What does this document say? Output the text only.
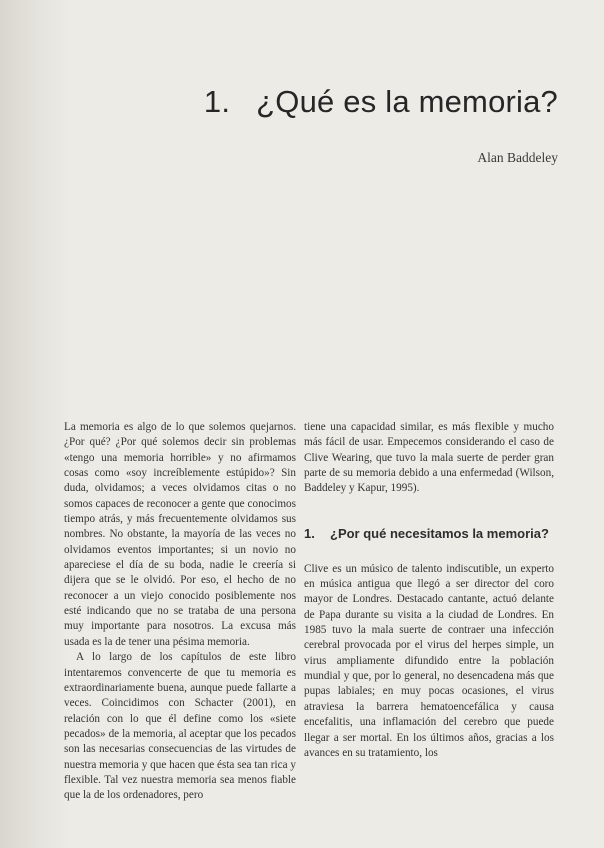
1. ¿Qué es la memoria?
Alan Baddeley

La memoria es algo de lo que solemos quejarnos. ¿Por qué? ¿Por qué solemos decir sin problemas «tengo una memoria horrible» y no afirmamos cosas como «soy increíblemente estúpido»? Sin duda, olvidamos; a veces olvidamos citas o no somos capaces de reconocer a gente que conocimos tiempo atrás, y más frecuentemente olvidamos sus nombres. No obstante, la mayoría de las veces no olvidamos eventos importantes; si un novio no apareciese el día de su boda, nadie le creería si dijera que se le olvidó. Por eso, el hecho de no reconocer a un viejo conocido posiblemente nos esté indicando que no se trataba de una persona muy importante para nosotros. La excusa más usada es la de tener una pésima memoria.

A lo largo de los capítulos de este libro intentaremos convencerte de que tu memoria es extraordinariamente buena, aunque puede fallarte a veces. Coincidimos con Schacter (2001), en relación con lo que él define como los «siete pecados» de la memoria, al aceptar que los pecados son las necesarias consecuencias de las virtudes de nuestra memoria y que hacen que ésta sea tan rica y flexible. Tal vez nuestra memoria sea menos fiable que la de los ordenadores, pero

tiene una capacidad similar, es más flexible y mucho más fácil de usar. Empecemos considerando el caso de Clive Wearing, que tuvo la mala suerte de perder gran parte de su memoria debido a una enfermedad (Wilson, Baddeley y Kapur, 1995).

1. ¿Por qué necesitamos la memoria?

Clive es un músico de talento indiscutible, un experto en música antigua que llegó a ser director del coro mayor de Londres. Destacado cantante, actuó delante de Papa durante su visita a la ciudad de Londres. En 1985 tuvo la mala suerte de contraer una infección cerebral provocada por el virus del herpes simple, un virus ampliamente difundido entre la población mundial y que, por lo general, no desencadena más que pupas labiales; en muy pocas ocasiones, el virus atraviesa la barrera hematoencefálica y causa encefalitis, una inflamación del cerebro que puede llegar a ser mortal. En los últimos años, gracias a los avances en su tratamiento, los
